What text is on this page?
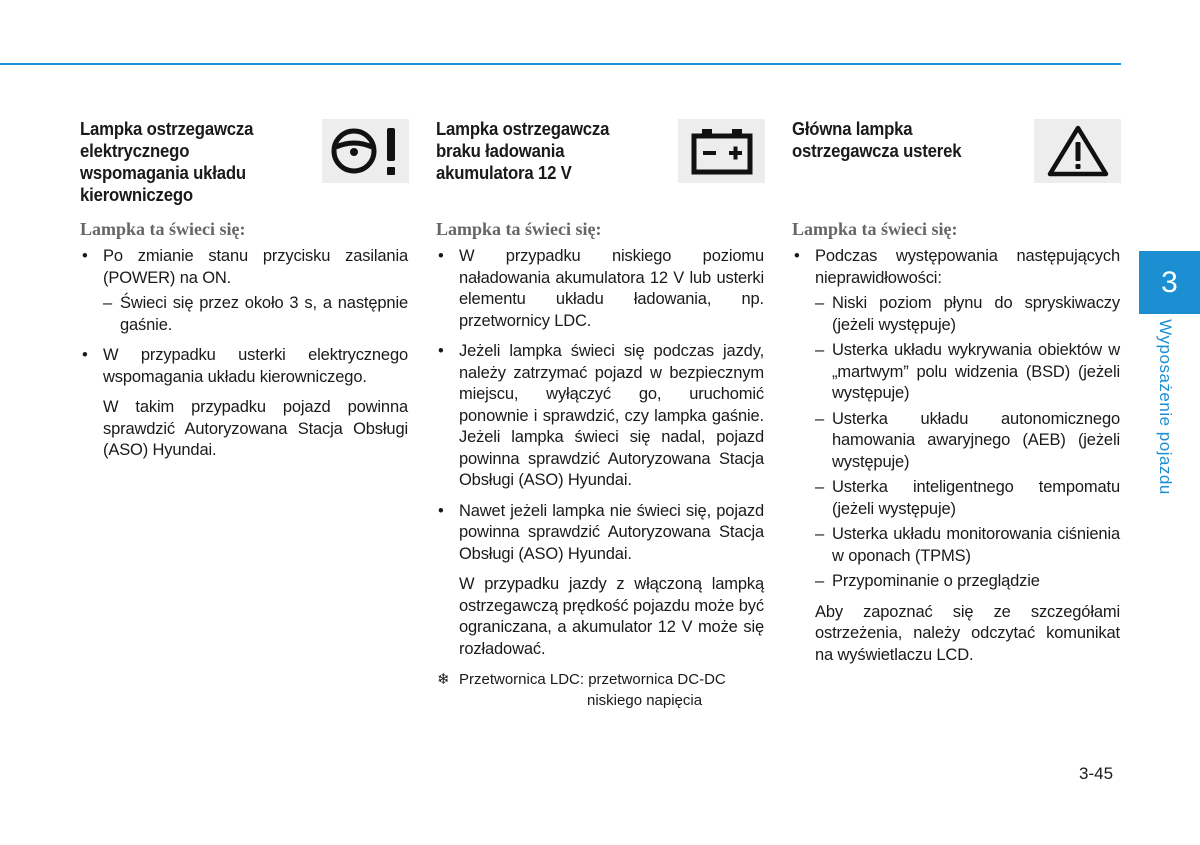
Lampka ostrzegawcza elektrycznego wspomagania układu kierowniczego
Lampka ta świeci się:
• Po zmianie stanu przycisku zasilania (POWER) na ON.
– Świeci się przez około 3 s, a następnie gaśnie.
• W przypadku usterki elektrycznego wspomagania układu kierowniczego.
W takim przypadku pojazd powinna sprawdzić Autoryzowana Stacja Obsługi (ASO) Hyundai.
Lampka ostrzegawcza braku ładowania akumulatora 12 V
Lampka ta świeci się:
• W przypadku niskiego poziomu naładowania akumulatora 12 V lub usterki elementu układu ładowania, np. przetwornicy LDC.
• Jeżeli lampka świeci się podczas jazdy, należy zatrzymać pojazd w bezpiecznym miejscu, wyłączyć go, uruchomić ponownie i sprawdzić, czy lampka gaśnie. Jeżeli lampka świeci się nadal, pojazd powinna sprawdzić Autoryzowana Stacja Obsługi (ASO) Hyundai.
• Nawet jeżeli lampka nie świeci się, pojazd powinna sprawdzić Autoryzowana Stacja Obsługi (ASO) Hyundai.
W przypadku jazdy z włączoną lampką ostrzegawczą prędkość pojazdu może być ograniczana, a akumulator 12 V może się rozładować.
❄ Przetwornica LDC: przetwornica DC-DC
niskiego napięcia
Główna lampka ostrzegawcza usterek
Lampka ta świeci się:
• Podczas występowania następujących nieprawidłowości:
– Niski poziom płynu do spryskiwaczy (jeżeli występuje)
– Usterka układu wykrywania obiektów w „martwym” polu widzenia (BSD) (jeżeli występuje)
– Usterka układu autonomicznego hamowania awaryjnego (AEB) (jeżeli występuje)
– Usterka inteligentnego tempomatu (jeżeli występuje)
– Usterka układu monitorowania ciśnienia w oponach (TPMS)
– Przypominanie o przeglądzie
Aby zapoznać się ze szczegółami ostrzeżenia, należy odczytać komunikat na wyświetlaczu LCD.
3
Wyposażenie pojazdu
3-45
